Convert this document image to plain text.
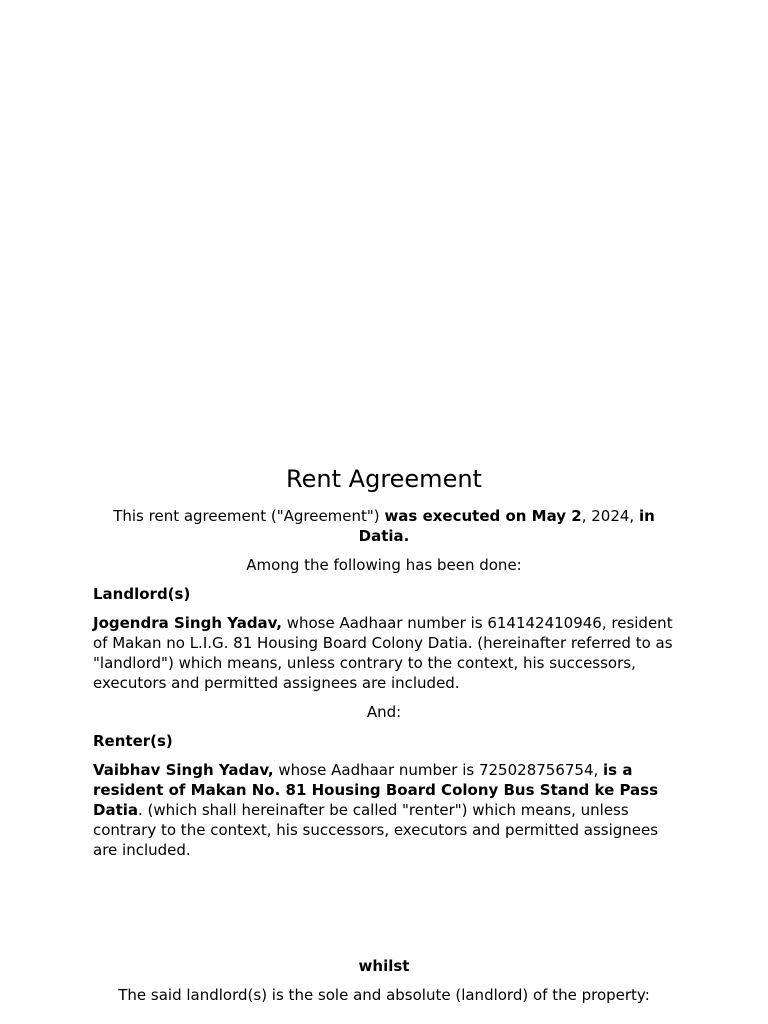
Rent Agreement

This rent agreement ("Agreement") was executed on May 2, 2024, in Datia.

Among the following has been done:

Landlord(s)

Jogendra Singh Yadav, whose Aadhaar number is 614142410946, resident of Makan no L.I.G. 81 Housing Board Colony Datia. (hereinafter referred to as "landlord") which means, unless contrary to the context, his successors, executors and permitted assignees are included.

And:

Renter(s)

Vaibhav Singh Yadav, whose Aadhaar number is 725028756754, is a resident of Makan No. 81 Housing Board Colony Bus Stand ke Pass Datia. (which shall hereinafter be called "renter") which means, unless contrary to the context, his successors, executors and permitted assignees are included.

whilst

The said landlord(s) is the sole and absolute (landlord) of the property:
